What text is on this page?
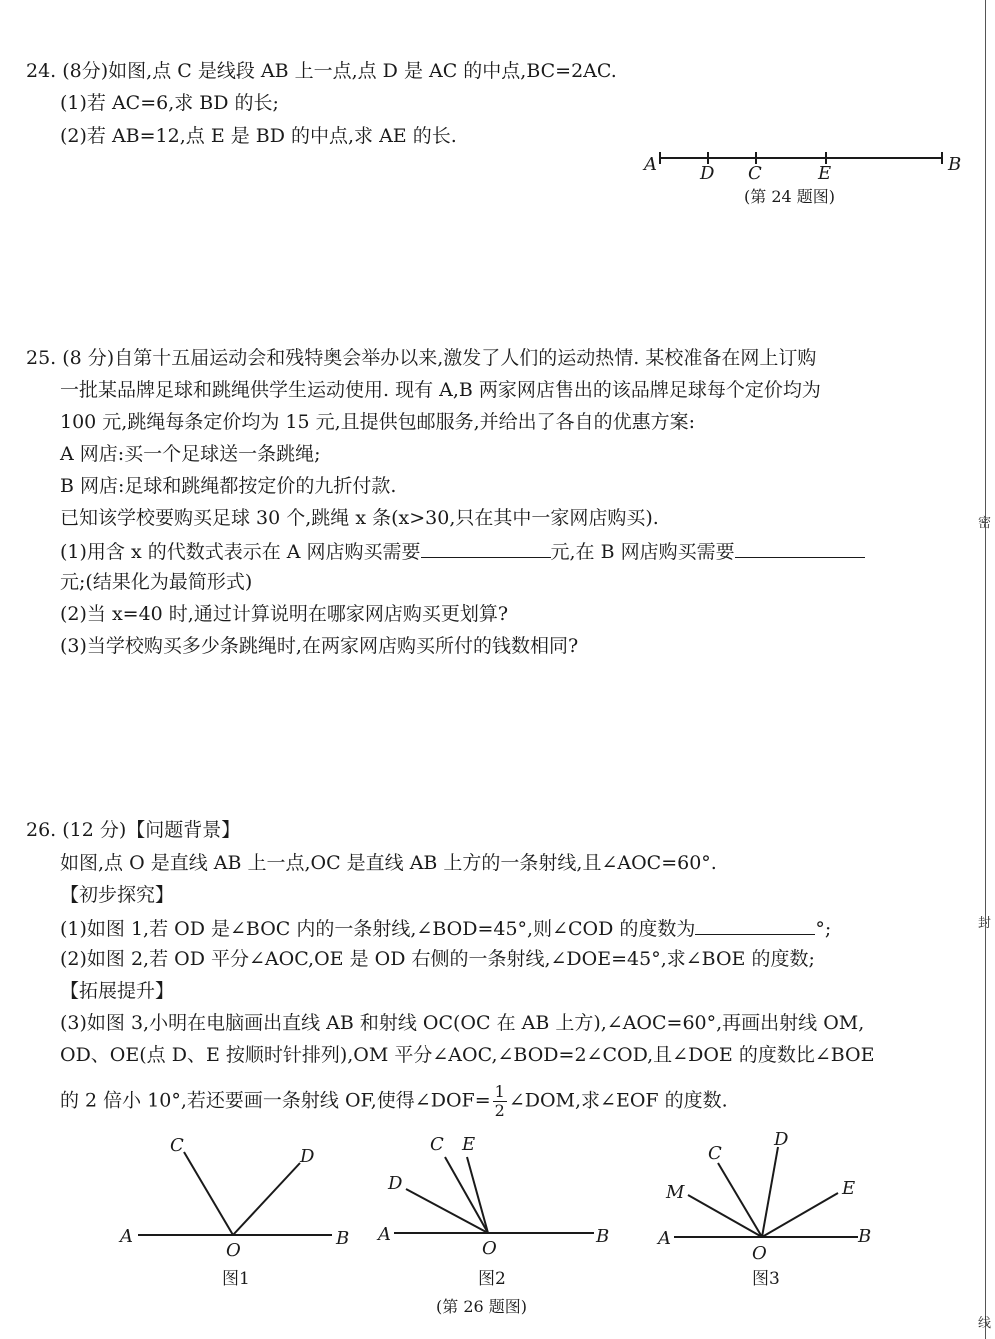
24. (8分)如图,点 C 是线段 AB 上一点,点 D 是 AC 的中点,BC=2AC.
(1)若 AC=6,求 BD 的长;
(2)若 AB=12,点 E 是 BD 的中点,求 AE 的长.
A D C	E	B
(第 24 题图)
25. (8 分)自第十五届运动会和残特奥会举办以来,激发了人们的运动热情. 某校准备在网上订购
一批某品牌足球和跳绳供学生运动使用. 现有 A,B 两家网店售出的该品牌足球每个定价均为
100 元,跳绳每条定价均为 15 元,且提供包邮服务,并给出了各自的优惠方案:
A 网店:买一个足球送一条跳绳;
B 网店:足球和跳绳都按定价的九折付款.
已知该学校要购买足球 30 个,跳绳 x 条(x>30,只在其中一家网店购买).
(1)用含 x 的代数式表示在 A 网店购买需要	元,在 B 网店购买需要
元;(结果化为最简形式)
(2)当 x=40 时,通过计算说明在哪家网店购买更划算?
(3)当学校购买多少条跳绳时,在两家网店购买所付的钱数相同?
26. (12 分)【问题背景】
如图,点 O 是直线 AB 上一点,OC 是直线 AB 上方的一条射线,且∠AOC=60°.
【初步探究】
(1)如图 1,若 OD 是∠BOC 内的一条射线,∠BOD=45°,则∠COD 的度数为	°;
(2)如图 2,若 OD 平分∠AOC,OE 是 OD 右侧的一条射线,∠DOE=45°,求∠BOE 的度数;
【拓展提升】
(3)如图 3,小明在电脑画出直线 AB 和射线 OC(OC 在 AB 上方),∠AOC=60°,再画出射线 OM,
OD、OE(点 D、E 按顺时针排列),OM 平分∠AOC,∠BOD=2∠COD,且∠DOE 的度数比∠BOE
的 2 倍小 10°,若还要画一条射线 OF,使得∠DOF= $\frac{1}{2}$ ∠DOM,求∠EOF 的度数.
A
O
B
C
D
图1
A
O
B
C E
D
图2
A
O
B
C
D
E
M
图3
(第 26 题图)
密
封
线
